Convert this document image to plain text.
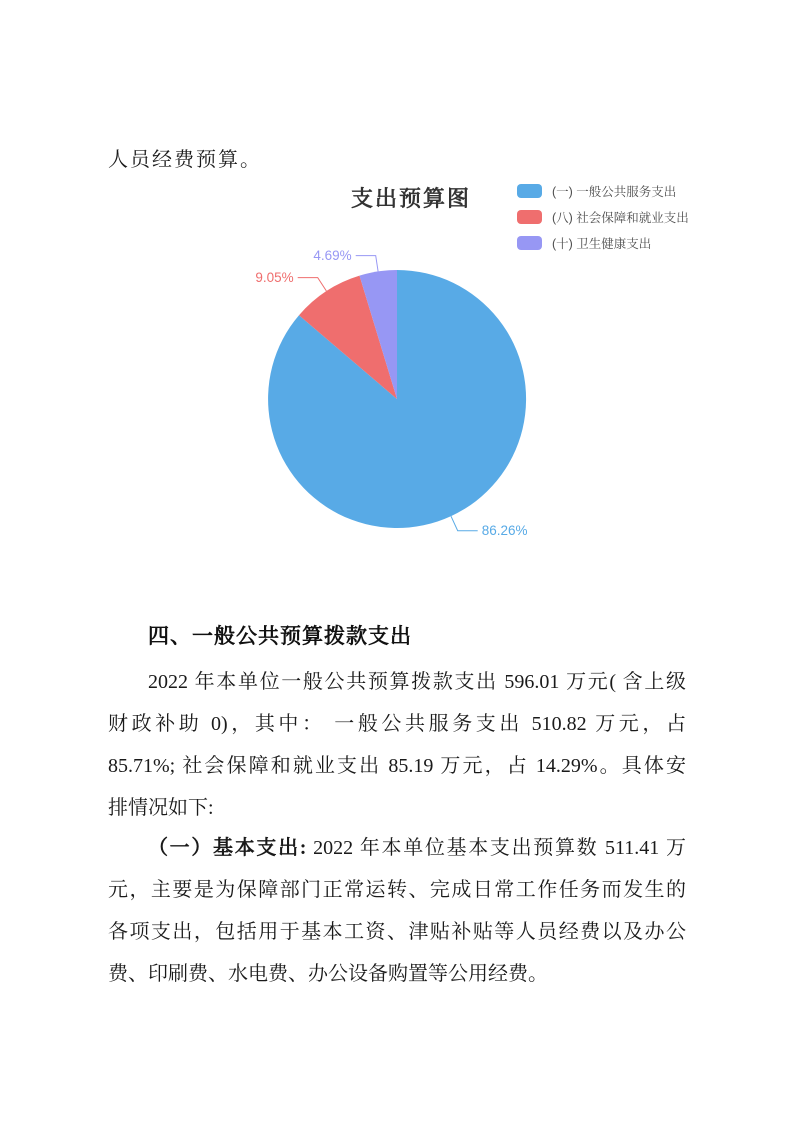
人员经费预算。
支出预算图	(一) 一般公共服务支出
(八) 社会保障和就业支出
(十) 卫生健康支出
86.26%
9.05%
4.69%
四、一般公共预算拨款支出
2022 年本单位一般公共预算拨款支出 596.01 万元( 含上级
财政补助 0)，其中： 一般公共服务支出 510.82 万元，占
85.71%; 社会保障和就业支出 85.19 万元，占 14.29%。具体安
排情况如下:
（一）基本支出: 2022 年本单位基本支出预算数 511.41 万
元，主要是为保障部门正常运转、完成日常工作任务而发生的
各项支出，包括用于基本工资、津贴补贴等人员经费以及办公
费、印刷费、水电费、办公设备购置等公用经费。
